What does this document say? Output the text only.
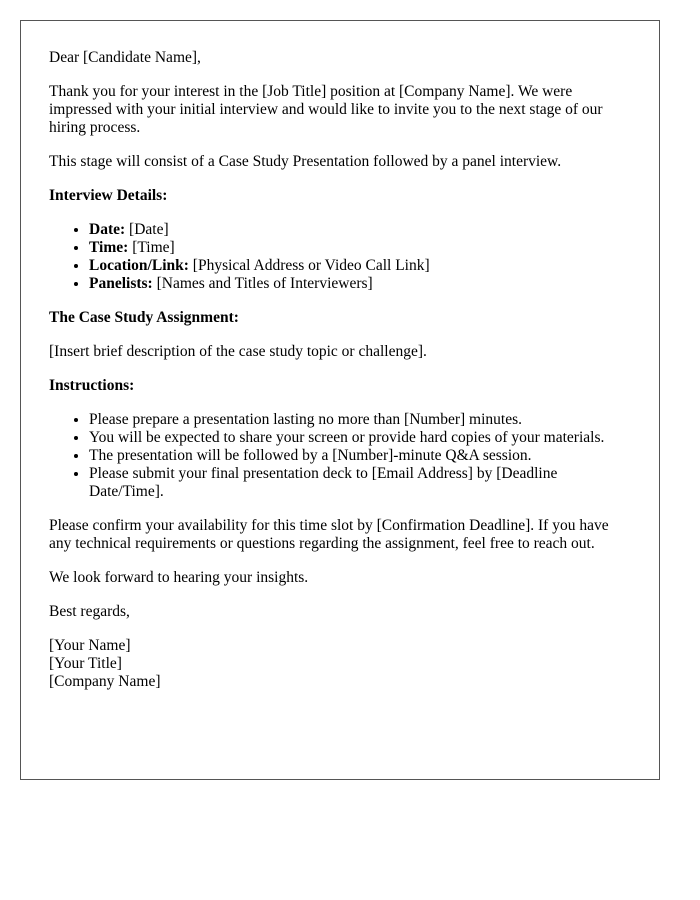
Dear [Candidate Name],

Thank you for your interest in the [Job Title] position at [Company Name]. We were impressed with your initial interview and would like to invite you to the next stage of our hiring process.

This stage will consist of a Case Study Presentation followed by a panel interview.

Interview Details:

• Date: [Date]
• Time: [Time]
• Location/Link: [Physical Address or Video Call Link]
• Panelists: [Names and Titles of Interviewers]

The Case Study Assignment:

[Insert brief description of the case study topic or challenge].

Instructions:

• Please prepare a presentation lasting no more than [Number] minutes.
• You will be expected to share your screen or provide hard copies of your materials.
• The presentation will be followed by a [Number]-minute Q&A session.
• Please submit your final presentation deck to [Email Address] by [Deadline Date/Time].

Please confirm your availability for this time slot by [Confirmation Deadline]. If you have any technical requirements or questions regarding the assignment, feel free to reach out.

We look forward to hearing your insights.

Best regards,

[Your Name]
[Your Title]
[Company Name]
